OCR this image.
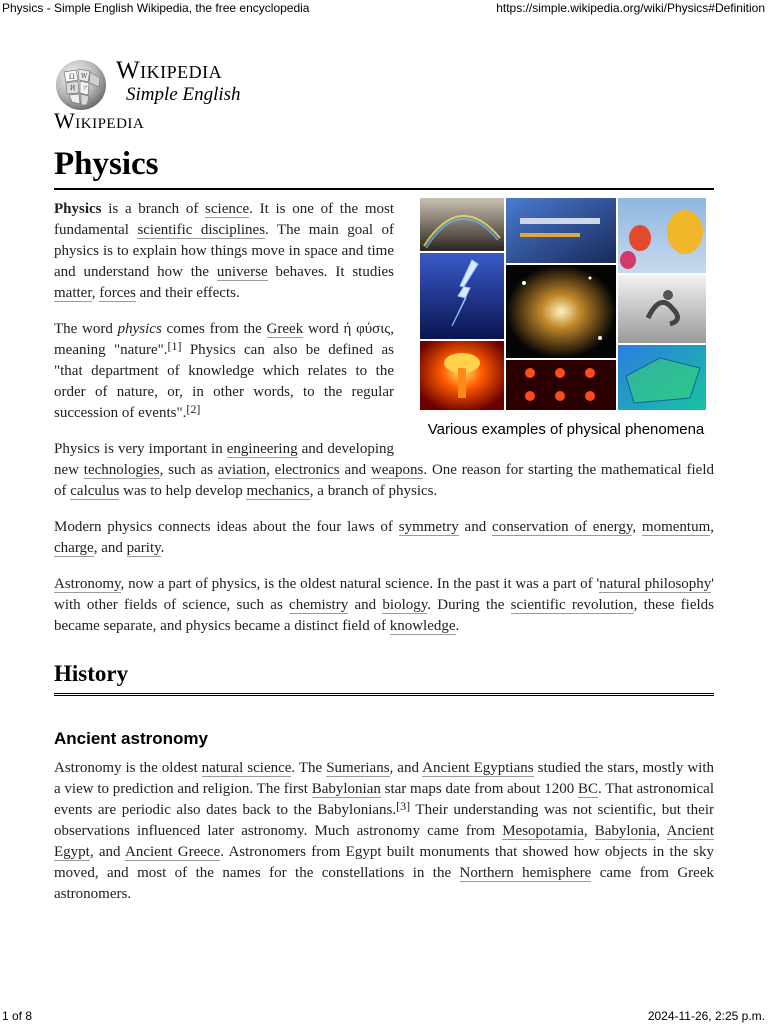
Physics - Simple English Wikipedia, the free encyclopedia	https://simple.wikipedia.org/wiki/Physics#Definition
Ω W
И ア
Wikipedia
Simple English
Wikipedia
Physics
Various examples of physical phenomena

Physics is a branch of science. It is one of the most fundamental scientific disciplines. The main goal of physics is to explain how things move in space and time and understand how the universe behaves. It studies matter, forces and their effects.

The word physics comes from the Greek word ή φύσις, meaning "nature".[1] Physics can also be defined as "that department of knowledge which relates to the order of nature, or, in other words, to the regular succession of events".[2]

Physics is very important in engineering and developing new technologies, such as aviation, electronics and weapons. One reason for starting the mathematical field of calculus was to help develop mechanics, a branch of physics.

Modern physics connects ideas about the four laws of symmetry and conservation of energy, momentum, charge, and parity.

Astronomy, now a part of physics, is the oldest natural science. In the past it was a part of 'natural philosophy' with other fields of science, such as chemistry and biology. During the scientific revolution, these fields became separate, and physics became a distinct field of knowledge.

History
Ancient astronomy

Astronomy is the oldest natural science. The Sumerians, and Ancient Egyptians studied the stars, mostly with a view to prediction and religion. The first Babylonian star maps date from about 1200 BC. That astronomical events are periodic also dates back to the Babylonians.[3] Their understanding was not scientific, but their observations influenced later astronomy. Much astronomy came from Mesopotamia, Babylonia, Ancient Egypt, and Ancient Greece. Astronomers from Egypt built monuments that showed how objects in the sky moved, and most of the names for the constellations in the Northern hemisphere came from Greek astronomers.

1 of 8	2024-11-26, 2:25 p.m.
